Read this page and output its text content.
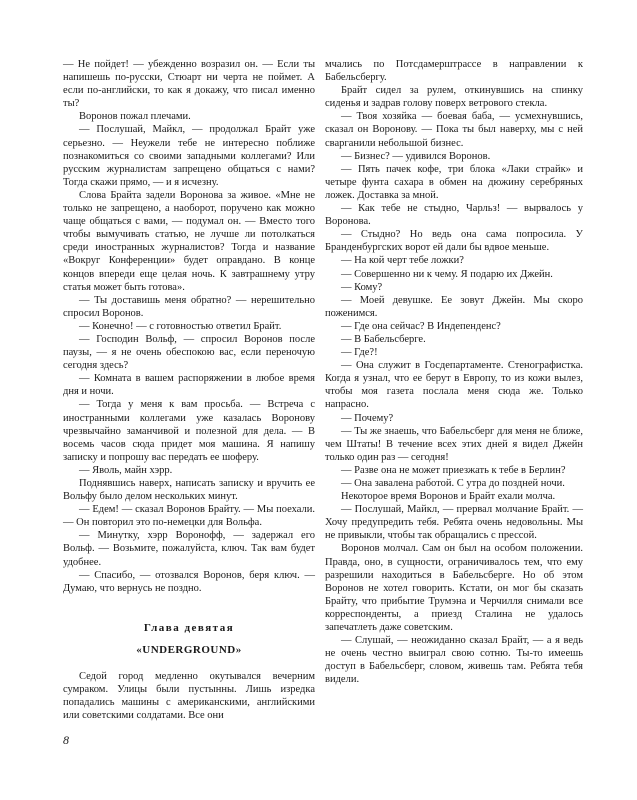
— Не пойдет! — убежденно возразил он. — Если ты напишешь по-русски, Стюарт ни черта не поймет. А если по-английски, то как я докажу, что писал именно ты?

Воронов пожал плечами.

— Послушай, Майкл, — продолжал Брайт уже серьезно. — Неужели тебе не интересно поближе познакомиться со своими западными коллегами? Или русским журналистам запрещено общаться с нами? Тогда скажи прямо, — и я исчезну.

Слова Брайта задели Воронова за живое. «Мне не только не запрещено, а наоборот, поручено как можно чаще общаться с вами, — подумал он. — Вместо того чтобы вымучивать статью, не лучше ли потолкаться среди иностранных журналистов? Тогда и название «Вокруг Конференции» будет оправдано. В конце концов впереди еще целая ночь. К завтрашнему утру статья может быть готова».

— Ты доставишь меня обратно? — нерешительно спросил Воронов.

— Конечно! — с готовностью ответил Брайт.

— Господин Вольф, — спросил Воронов после паузы, — я не очень обеспокою вас, если переночую сегодня здесь?

— Комната в вашем распоряжении в любое время дня и ночи.

— Тогда у меня к вам просьба. — Встреча с иностранными коллегами уже казалась Воронову чрезвычайно заманчивой и полезной для дела. — В восемь часов сюда придет моя машина. Я напишу записку и попрошу вас передать ее шоферу.

— Яволь, майн хэрр.

Поднявшись наверх, написать записку и вручить ее Вольфу было делом нескольких минут.

— Едем! — сказал Воронов Брайту. — Мы поехали. — Он повторил это по-немецки для Вольфа.

— Минутку, хэрр Воронофф, — задержал его Вольф. — Возьмите, пожалуйста, ключ. Так вам будет удобнее.

— Спасибо, — отозвался Воронов, беря ключ. — Думаю, что вернусь не поздно.

Глава девятая
«UNDERGROUND»

Седой город медленно окутывался вечерним сумраком. Улицы были пустынны. Лишь изредка попадались машины с американскими, английскими или советскими солдатами. Все они

мчались по Потсдамерштрассе в направлении к Бабельсбергу.

Брайт сидел за рулем, откинувшись на спинку сиденья и задрав голову поверх ветрового стекла.

— Твоя хозяйка — боевая баба, — усмехнувшись, сказал он Воронову. — Пока ты был наверху, мы с ней сварганили небольшой бизнес.

— Бизнес? — удивился Воронов.

— Пять пачек кофе, три блока «Лаки страйк» и четыре фунта сахара в обмен на дюжину серебряных ложек. Доставка за мной.

— Как тебе не стыдно, Чарльз! — вырвалось у Воронова.

— Стыдно? Но ведь она сама попросила. У Бранденбургских ворот ей дали бы вдвое меньше.

— На кой черт тебе ложки?

— Совершенно ни к чему. Я подарю их Джейн.

— Кому?

— Моей девушке. Ее зовут Джейн. Мы скоро поженимся.

— Где она сейчас? В Индепенденс?

— В Бабельсберге.

— Где?!

— Она служит в Госдепартаменте. Стенографистка. Когда я узнал, что ее берут в Европу, то из кожи вылез, чтобы моя газета послала меня сюда же. Только напрасно.

— Почему?

— Ты же знаешь, что Бабельсберг для меня не ближе, чем Штаты! В течение всех этих дней я видел Джейн только один раз — сегодня!

— Разве она не может приезжать к тебе в Берлин?

— Она завалена работой. С утра до поздней ночи.

Некоторое время Воронов и Брайт ехали молча.

— Послушай, Майкл, — прервал молчание Брайт. — Хочу предупредить тебя. Ребята очень недовольны. Мы не привыкли, чтобы так обращались с прессой.

Воронов молчал. Сам он был на особом положении. Правда, оно, в сущности, ограничивалось тем, что ему разрешили находиться в Бабельсберге. Но об этом Воронов не хотел говорить. Кстати, он мог бы сказать Брайту, что прибытие Трумэна и Черчилля снимали все корреспонденты, а приезд Сталина не удалось запечатлеть даже советским.

— Слушай, — неожиданно сказал Брайт, — а я ведь не очень честно выиграл свою сотню. Ты-то имеешь доступ в Бабельсберг, словом, живешь там. Ребята тебя видели.

8
